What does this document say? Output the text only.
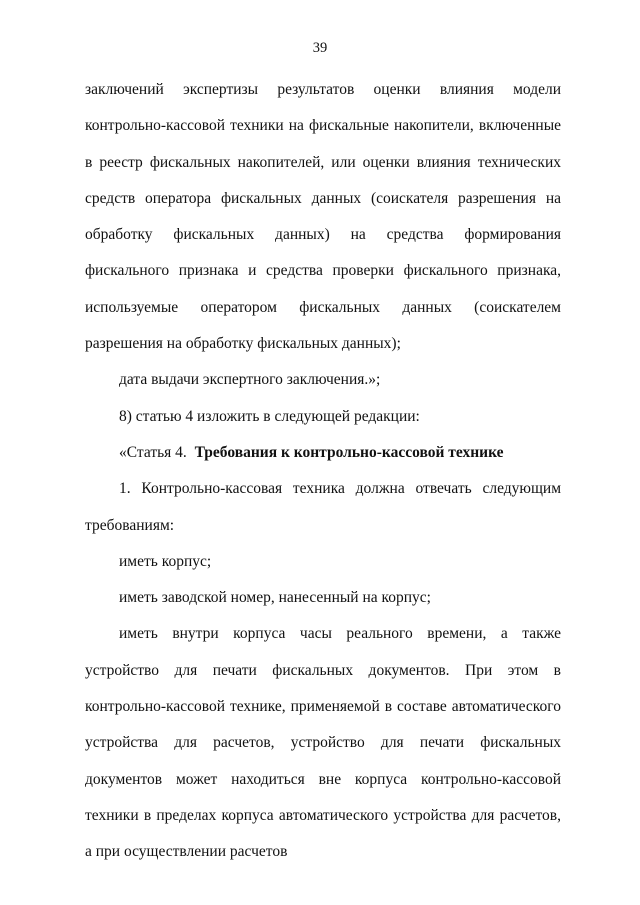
39

заключений экспертизы результатов оценки влияния модели контрольно-кассовой техники на фискальные накопители, включенные в реестр фискальных накопителей, или оценки влияния технических средств оператора фискальных данных (соискателя разрешения на обработку фискальных данных) на средства формирования фискального признака и средства проверки фискального признака, используемые оператором фискальных данных (соискателем разрешения на обработку фискальных данных);

дата выдачи экспертного заключения.»;

8) статью 4 изложить в следующей редакции:

«Статья 4. Требования к контрольно-кассовой технике

1. Контрольно-кассовая техника должна отвечать следующим требованиям:

иметь корпус;

иметь заводской номер, нанесенный на корпус;

иметь внутри корпуса часы реального времени, а также устройство для печати фискальных документов. При этом в контрольно-кассовой технике, применяемой в составе автоматического устройства для расчетов, устройство для печати фискальных документов может находиться вне корпуса контрольно-кассовой техники в пределах корпуса автоматического устройства для расчетов, а при осуществлении расчетов
